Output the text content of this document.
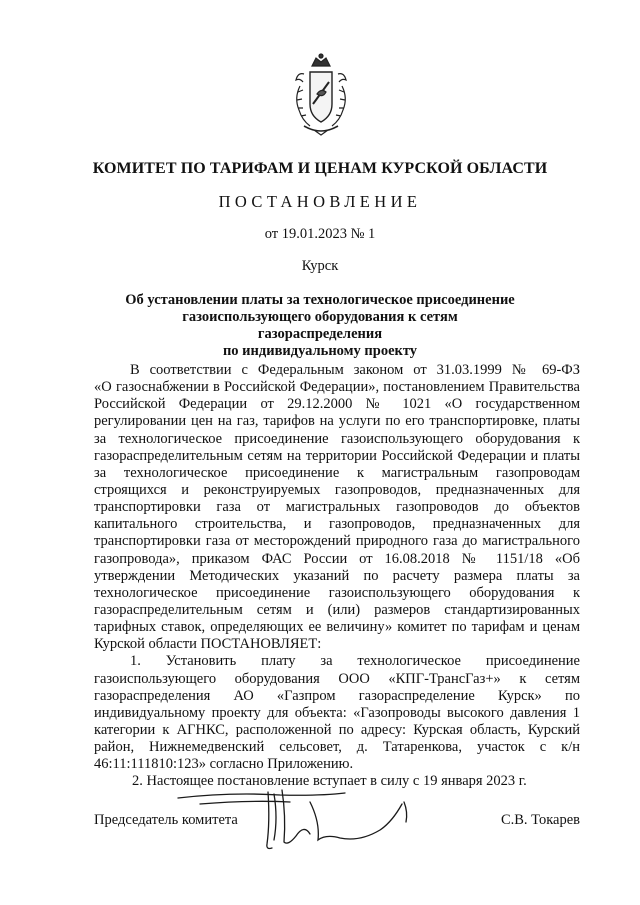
КОМИТЕТ ПО ТАРИФАМ И ЦЕНАМ КУРСКОЙ ОБЛАСТИ
ПОСТАНОВЛЕНИЕ
от 19.01.2023 № 1
Курск
Об установлении платы за технологическое присоединение
газоиспользующего оборудования к сетям газораспределения
по индивидуальному проекту
В соответствии с Федеральным законом от 31.03.1999 № 69-ФЗ
«О газоснабжении в Российской Федерации», постановлением Правительства
Российской Федерации от 29.12.2000 № 1021 «О государственном
регулировании цен на газ, тарифов на услуги по его транспортировке, платы
за технологическое присоединение газоиспользующего оборудования к
газораспределительным сетям на территории Российской Федерации и платы
за технологическое присоединение к магистральным газопроводам
строящихся и реконструируемых газопроводов, предназначенных для
транспортировки газа от магистральных газопроводов до объектов
капитального строительства, и газопроводов, предназначенных для
транспортировки газа от месторождений природного газа до магистрального
газопровода», приказом ФАС России от 16.08.2018 № 1151/18 «Об
утверждении Методических указаний по расчету размера платы за
технологическое присоединение газоиспользующего оборудования к
газораспределительным сетям и (или) размеров стандартизированных
тарифных ставок, определяющих ее величину» комитет по тарифам и ценам
Курской области ПОСТАНОВЛЯЕТ:
1. Установить плату за технологическое присоединение
газоиспользующего оборудования ООО «КПГ-ТрансГаз+» к сетям
газораспределения АО «Газпром газораспределение Курск» по
индивидуальному проекту для объекта: «Газопроводы высокого давления 1
категории к АГНКС, расположенной по адресу: Курская область, Курский
район, Нижнемедвенский сельсовет, д. Татаренкова, участок с к/н
46:11:111810:123» согласно Приложению.
2. Настоящее постановление вступает в силу с 19 января 2023 г.
Председатель комитета	С.В. Токарев
